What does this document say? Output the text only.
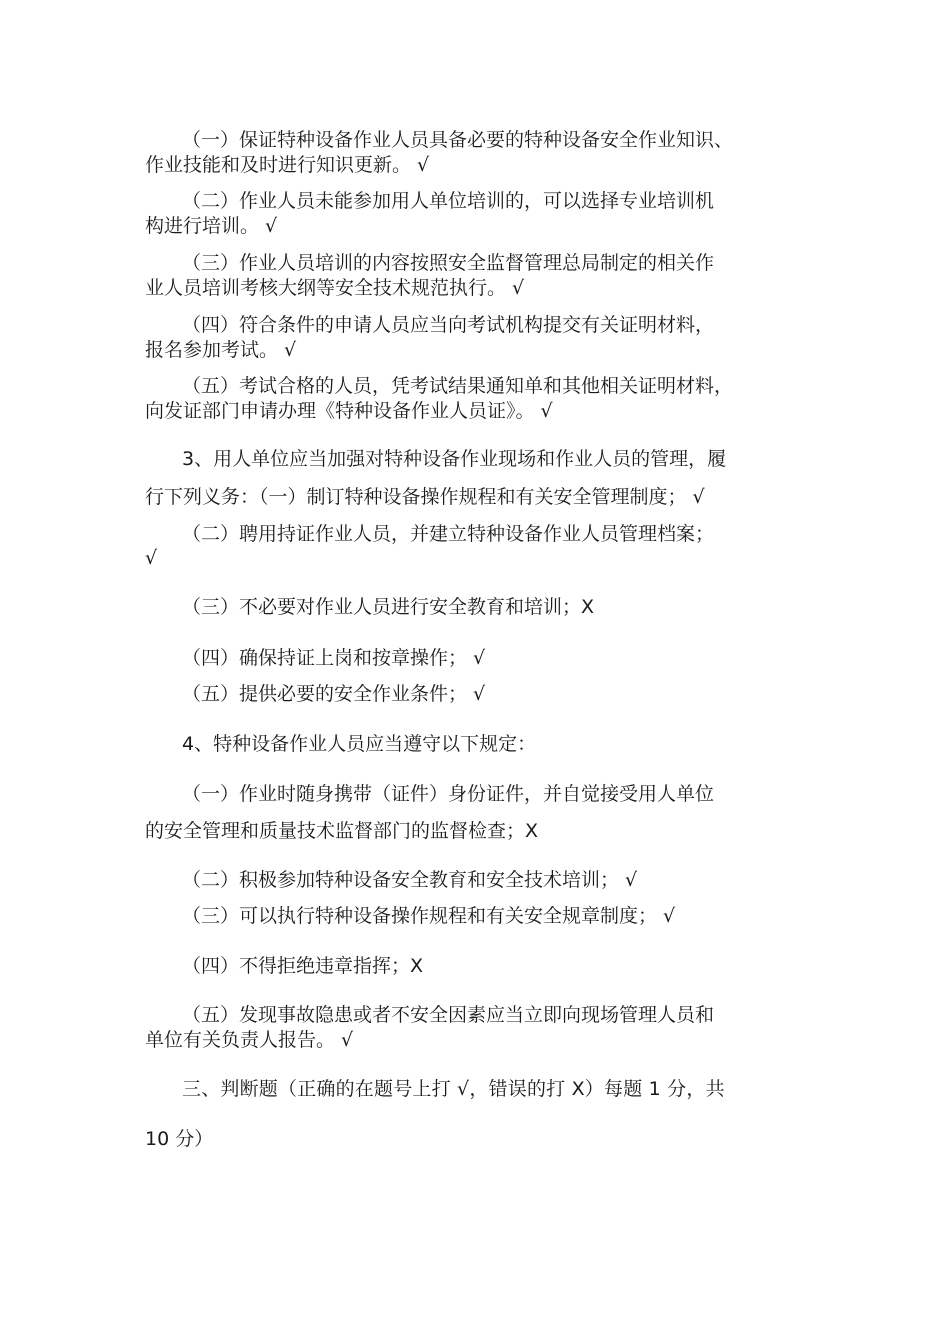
（一）保证特种设备作业人员具备必要的特种设备安全作业知识、
作业技能和及时进行知识更新。 √
（二）作业人员未能参加用人单位培训的，可以选择专业培训机
构进行培训。 √
（三）作业人员培训的内容按照安全监督管理总局制定的相关作
业人员培训考核大纲等安全技术规范执行。 √
（四）符合条件的申请人员应当向考试机构提交有关证明材料，
报名参加考试。 √
（五）考试合格的人员，凭考试结果通知单和其他相关证明材料，
向发证部门申请办理《特种设备作业人员证》。 √
3、用人单位应当加强对特种设备作业现场和作业人员的管理，履
行下列义务：（一）制订特种设备操作规程和有关安全管理制度； √
（二）聘用持证作业人员，并建立特种设备作业人员管理档案；
√
（三）不必要对作业人员进行安全教育和培训；X
（四）确保持证上岗和按章操作； √
（五）提供必要的安全作业条件； √
4、特种设备作业人员应当遵守以下规定：
（一）作业时随身携带（证件）身份证件，并自觉接受用人单位
的安全管理和质量技术监督部门的监督检查；X
（二）积极参加特种设备安全教育和安全技术培训； √
（三）可以执行特种设备操作规程和有关安全规章制度； √
（四）不得拒绝违章指挥；X
（五）发现事故隐患或者不安全因素应当立即向现场管理人员和
单位有关负责人报告。 √
三、判断题（正确的在题号上打 √，错误的打 X）每题 1 分，共
10 分）
